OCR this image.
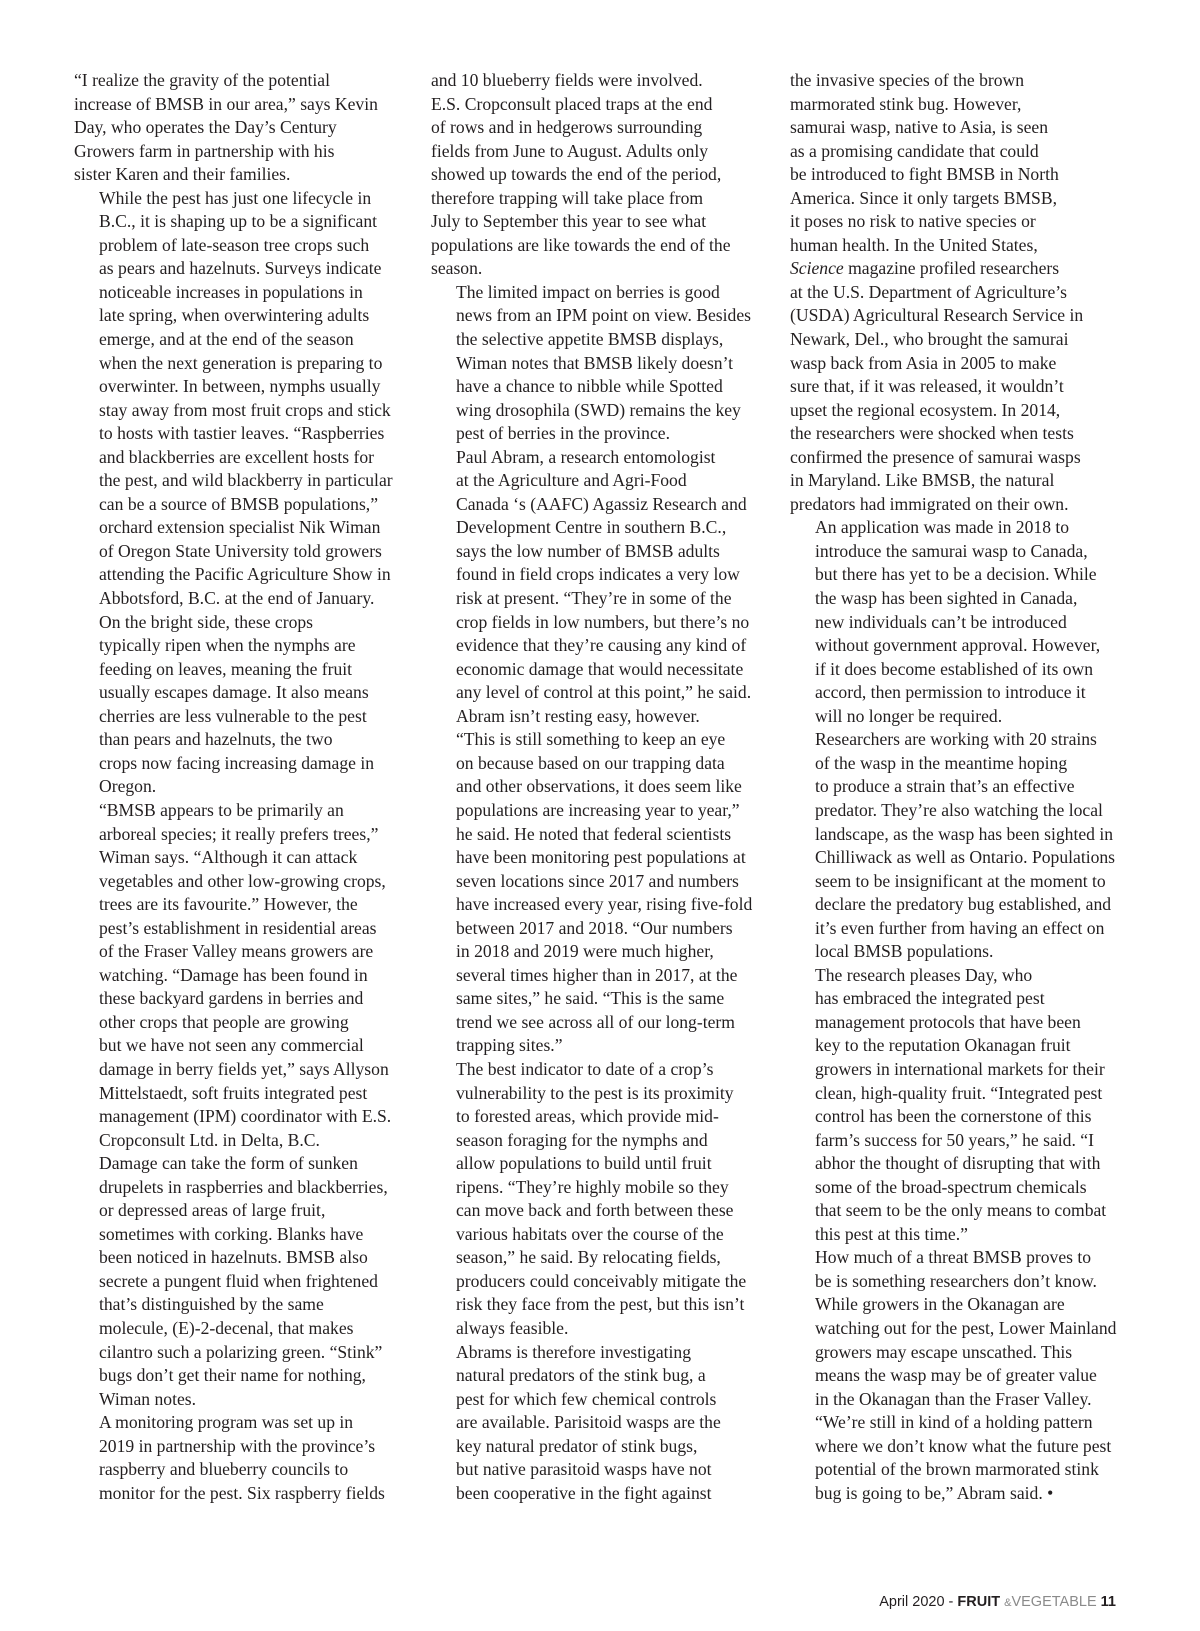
“I realize the gravity of the potential
increase of BMSB in our area,” says Kevin
Day, who operates the Day’s Century
Growers farm in partnership with his
sister Karen and their families.

While the pest has just one lifecycle in
B.C., it is shaping up to be a significant
problem of late-season tree crops such
as pears and hazelnuts. Surveys indicate
noticeable increases in populations in
late spring, when overwintering adults
emerge, and at the end of the season
when the next generation is preparing to
overwinter. In between, nymphs usually
stay away from most fruit crops and stick
to hosts with tastier leaves. “Raspberries
and blackberries are excellent hosts for
the pest, and wild blackberry in particular
can be a source of BMSB populations,”
orchard extension specialist Nik Wiman
of Oregon State University told growers
attending the Pacific Agriculture Show in
Abbotsford, B.C. at the end of January.

On the bright side, these crops
typically ripen when the nymphs are
feeding on leaves, meaning the fruit
usually escapes damage. It also means
cherries are less vulnerable to the pest
than pears and hazelnuts, the two
crops now facing increasing damage in
Oregon.

“BMSB appears to be primarily an
arboreal species; it really prefers trees,”
Wiman says. “Although it can attack
vegetables and other low-growing crops,
trees are its favourite.” However, the
pest’s establishment in residential areas
of the Fraser Valley means growers are
watching. “Damage has been found in
these backyard gardens in berries and
other crops that people are growing
but we have not seen any commercial
damage in berry fields yet,” says Allyson
Mittelstaedt, soft fruits integrated pest
management (IPM) coordinator with E.S.
Cropconsult Ltd. in Delta, B.C.

Damage can take the form of sunken
drupelets in raspberries and blackberries,
or depressed areas of large fruit,
sometimes with corking. Blanks have
been noticed in hazelnuts. BMSB also
secrete a pungent fluid when frightened
that’s distinguished by the same
molecule, (E)-2-decenal, that makes
cilantro such a polarizing green. “Stink”
bugs don’t get their name for nothing,
Wiman notes.

A monitoring program was set up in
2019 in partnership with the province’s
raspberry and blueberry councils to
monitor for the pest. Six raspberry fields

and 10 blueberry fields were involved.
E.S. Cropconsult placed traps at the end
of rows and in hedgerows surrounding
fields from June to August. Adults only
showed up towards the end of the period,
therefore trapping will take place from
July to September this year to see what
populations are like towards the end of the
season.

The limited impact on berries is good
news from an IPM point on view. Besides
the selective appetite BMSB displays,
Wiman notes that BMSB likely doesn’t
have a chance to nibble while Spotted
wing drosophila (SWD) remains the key
pest of berries in the province.

Paul Abram, a research entomologist
at the Agriculture and Agri-Food
Canada ‘s (AAFC) Agassiz Research and
Development Centre in southern B.C.,
says the low number of BMSB adults
found in field crops indicates a very low
risk at present. “They’re in some of the
crop fields in low numbers, but there’s no
evidence that they’re causing any kind of
economic damage that would necessitate
any level of control at this point,” he said.

Abram isn’t resting easy, however.
“This is still something to keep an eye
on because based on our trapping data
and other observations, it does seem like
populations are increasing year to year,”
he said. He noted that federal scientists
have been monitoring pest populations at
seven locations since 2017 and numbers
have increased every year, rising five-fold
between 2017 and 2018. “Our numbers
in 2018 and 2019 were much higher,
several times higher than in 2017, at the
same sites,” he said. “This is the same
trend we see across all of our long-term
trapping sites.”

The best indicator to date of a crop’s
vulnerability to the pest is its proximity
to forested areas, which provide mid-
season foraging for the nymphs and
allow populations to build until fruit
ripens. “They’re highly mobile so they
can move back and forth between these
various habitats over the course of the
season,” he said. By relocating fields,
producers could conceivably mitigate the
risk they face from the pest, but this isn’t
always feasible.

Abrams is therefore investigating
natural predators of the stink bug, a
pest for which few chemical controls
are available. Parisitoid wasps are the
key natural predator of stink bugs,
but native parasitoid wasps have not
been cooperative in the fight against

the invasive species of the brown
marmorated stink bug. However,
samurai wasp, native to Asia, is seen
as a promising candidate that could
be introduced to fight BMSB in North
America. Since it only targets BMSB,
it poses no risk to native species or
human health. In the United States,
Science magazine profiled researchers
at the U.S. Department of Agriculture’s
(USDA) Agricultural Research Service in
Newark, Del., who brought the samurai
wasp back from Asia in 2005 to make
sure that, if it was released, it wouldn’t
upset the regional ecosystem. In 2014,
the researchers were shocked when tests
confirmed the presence of samurai wasps
in Maryland. Like BMSB, the natural
predators had immigrated on their own.

An application was made in 2018 to
introduce the samurai wasp to Canada,
but there has yet to be a decision. While
the wasp has been sighted in Canada,
new individuals can’t be introduced
without government approval. However,
if it does become established of its own
accord, then permission to introduce it
will no longer be required.

Researchers are working with 20 strains
of the wasp in the meantime hoping
to produce a strain that’s an effective
predator. They’re also watching the local
landscape, as the wasp has been sighted in
Chilliwack as well as Ontario. Populations
seem to be insignificant at the moment to
declare the predatory bug established, and
it’s even further from having an effect on
local BMSB populations.

The research pleases Day, who
has embraced the integrated pest
management protocols that have been
key to the reputation Okanagan fruit
growers in international markets for their
clean, high-quality fruit. “Integrated pest
control has been the cornerstone of this
farm’s success for 50 years,” he said. “I
abhor the thought of disrupting that with
some of the broad-spectrum chemicals
that seem to be the only means to combat
this pest at this time.”

How much of a threat BMSB proves to
be is something researchers don’t know.
While growers in the Okanagan are
watching out for the pest, Lower Mainland
growers may escape unscathed. This
means the wasp may be of greater value
in the Okanagan than the Fraser Valley.
“We’re still in kind of a holding pattern
where we don’t know what the future pest
potential of the brown marmorated stink
bug is going to be,” Abram said. •

April 2020 - FRUIT &VEGETABLE 11
